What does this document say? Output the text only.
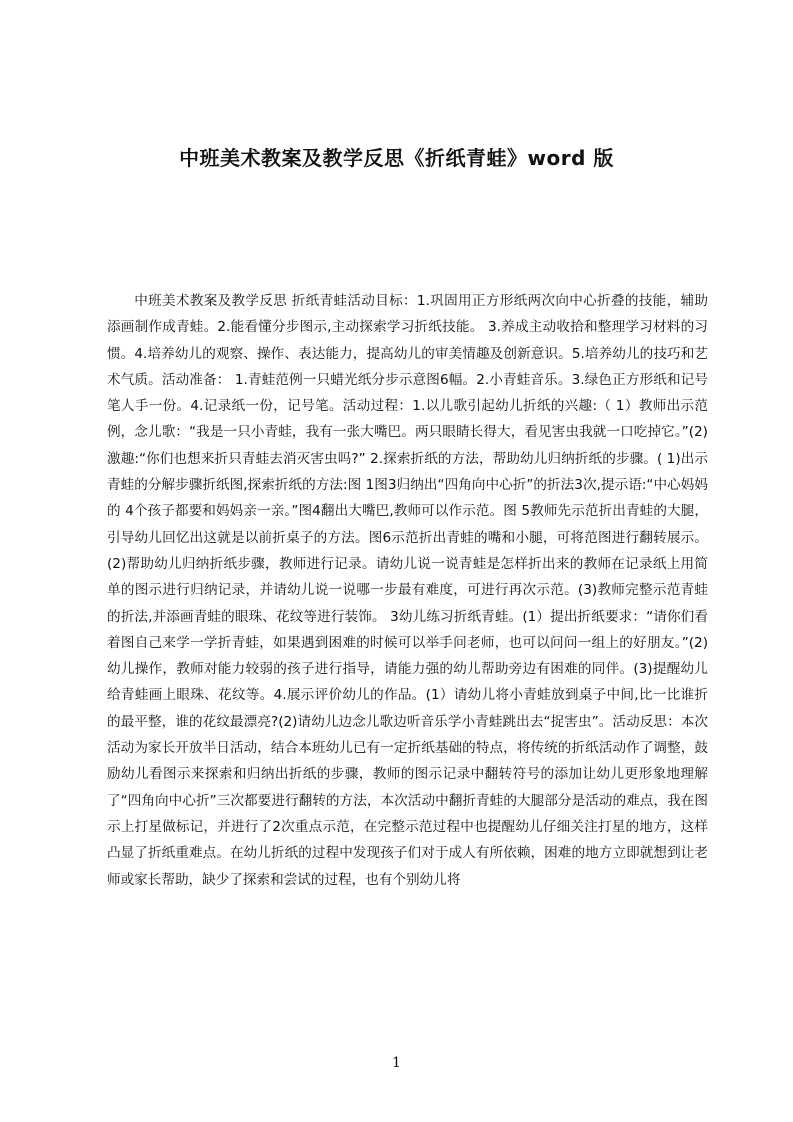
中班美术教案及教学反思《折纸青蛙》word 版

中班美术教案及教学反思 折纸青蛙活动目标：1.巩固用正方形纸两次向中心折叠的技能，辅助添画制作成青蛙。2.能看懂分步图示,主动探索学习折纸技能。 3.养成主动收拾和整理学习材料的习惯。4.培养幼儿的观察、操作、表达能力，提高幼儿的审美情趣及创新意识。5.培养幼儿的技巧和艺术气质。活动准备： 1.青蛙范例一只蜡光纸分步示意图6幅。2.小青蛙音乐。3.绿色正方形纸和记号笔人手一份。4.记录纸一份，记号笔。活动过程：1.以儿歌引起幼儿折纸的兴趣:（ 1）教师出示范例，念儿歌：“我是一只小青蛙，我有一张大嘴巴。两只眼睛长得大，看见害虫我就一口吃掉它。”(2)激趣:“你们也想来折只青蛙去消灭害虫吗?” 2.探索折纸的方法，帮助幼儿归纳折纸的步骤。( 1)出示青蛙的分解步骤折纸图,探索折纸的方法:图 1图3归纳出“四角向中心折”的折法3次,提示语:“中心妈妈的 4个孩子都要和妈妈亲一亲。”图4翻出大嘴巴,教师可以作示范。图 5教师先示范折出青蛙的大腿，引导幼儿回忆出这就是以前折桌子的方法。图6示范折出青蛙的嘴和小腿，可将范图进行翻转展示。(2)帮助幼儿归纳折纸步骤，教师进行记录。请幼儿说一说青蛙是怎样折出来的教师在记录纸上用简单的图示进行归纳记录，并请幼儿说一说哪一步最有难度，可进行再次示范。(3)教师完整示范青蛙的折法,并添画青蛙的眼珠、花纹等进行装饰。 3幼儿练习折纸青蛙。(1）提出折纸要求：“请你们看着图自己来学一学折青蛙，如果遇到困难的时候可以举手问老师，也可以问问一组上的好朋友。”(2)幼儿操作，教师对能力较弱的孩子进行指导，请能力强的幼儿帮助旁边有困难的同伴。(3)提醒幼儿给青蛙画上眼珠、花纹等。4.展示评价幼儿的作品。(1）请幼儿将小青蛙放到桌子中间,比一比谁折的最平整，谁的花纹最漂亮?(2)请幼儿边念儿歌边听音乐学小青蛙跳出去“捉害虫”。活动反思：本次活动为家长开放半日活动，结合本班幼儿已有一定折纸基础的特点，将传统的折纸活动作了调整，鼓励幼儿看图示来探索和归纳出折纸的步骤，教师的图示记录中翻转符号的添加让幼儿更形象地理解了“四角向中心折”三次都要进行翻转的方法，本次活动中翻折青蛙的大腿部分是活动的难点，我在图示上打星做标记，并进行了2次重点示范，在完整示范过程中也提醒幼儿仔细关注打星的地方，这样凸显了折纸重难点。在幼儿折纸的过程中发现孩子们对于成人有所依赖，困难的地方立即就想到让老师或家长帮助，缺少了探索和尝试的过程，也有个别幼儿将

1
